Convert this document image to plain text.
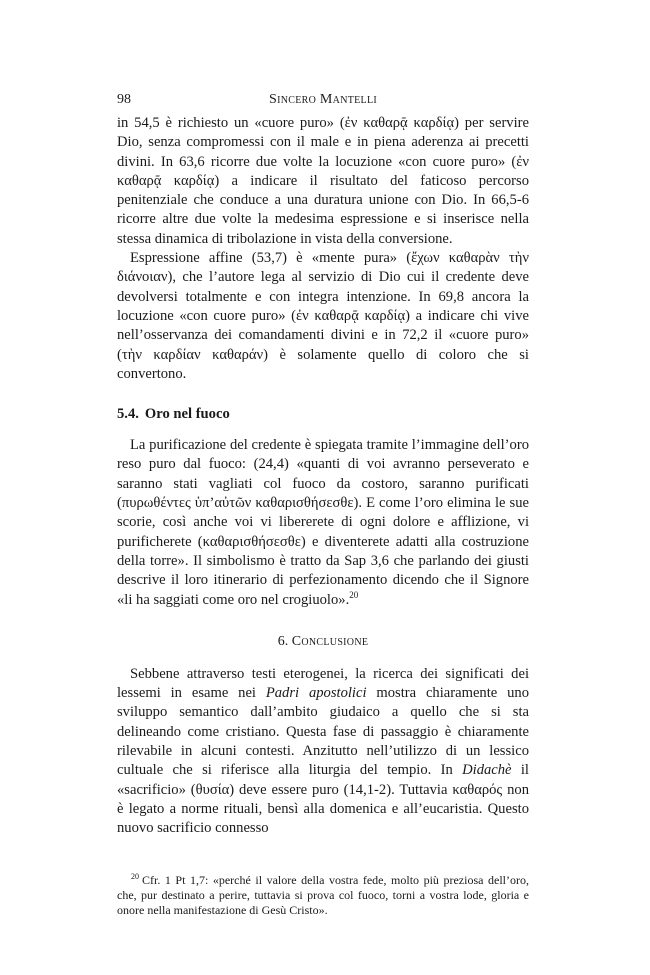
98	Sincero Mantelli

in 54,5 è richiesto un «cuore puro» (ἐν καθαρᾷ καρδίᾳ) per servire Dio, senza compromessi con il male e in piena aderenza ai precetti divini. In 63,6 ricorre due volte la locuzione «con cuore puro» (ἐν καθαρᾷ καρδίᾳ) a indicare il risultato del faticoso percorso penitenziale che conduce a una duratura unione con Dio. In 66,5-6 ricorre altre due volte la medesima espressione e si inserisce nella stessa dinamica di tribolazione in vista della conversione.

Espressione affine (53,7) è «mente pura» (ἔχων καθαρὰν τὴν διάνοιαν), che l’autore lega al servizio di Dio cui il credente deve devolversi totalmente e con integra intenzione. In 69,8 ancora la locuzione «con cuore puro» (ἐν καθαρᾷ καρδίᾳ) a indicare chi vive nell’osservanza dei comandamenti divini e in 72,2 il «cuore puro» (τὴν καρδίαν καθαράν) è solamente quello di coloro che si convertono.

5.4. Oro nel fuoco

La purificazione del credente è spiegata tramite l’immagine dell’oro reso puro dal fuoco: (24,4) «quanti di voi avranno perseverato e saranno stati vagliati col fuoco da costoro, saranno purificati (πυρωθέντες ὑπ’αὐτῶν καθαρισθήσεσθε). E come l’oro elimina le sue scorie, così anche voi vi libererete di ogni dolore e afflizione, vi purificherete (καθαρισθήσεσθε) e diventerete adatti alla costruzione della torre». Il simbolismo è tratto da Sap 3,6 che parlando dei giusti descrive il loro itinerario di perfezionamento dicendo che il Signore «li ha saggiati come oro nel crogiuolo».$^{20}$

6. Conclusione

Sebbene attraverso testi eterogenei, la ricerca dei significati dei lessemi in esame nei Padri apostolici mostra chiaramente uno sviluppo semantico dall’ambito giudaico a quello che si sta delineando come cristiano. Questa fase di passaggio è chiaramente rilevabile in alcuni contesti. Anzitutto nell’utilizzo di un lessico cultuale che si riferisce alla liturgia del tempio. In Didachè il «sacrificio» (θυσία) deve essere puro (14,1-2). Tuttavia καθαρός non è legato a norme rituali, bensì alla domenica e all’eucaristia. Questo nuovo sacrificio connesso

$^{20}$ Cfr. 1 Pt 1,7: «perché il valore della vostra fede, molto più preziosa dell’oro, che, pur destinato a perire, tuttavia si prova col fuoco, torni a vostra lode, gloria e onore nella manifestazione di Gesù Cristo».
